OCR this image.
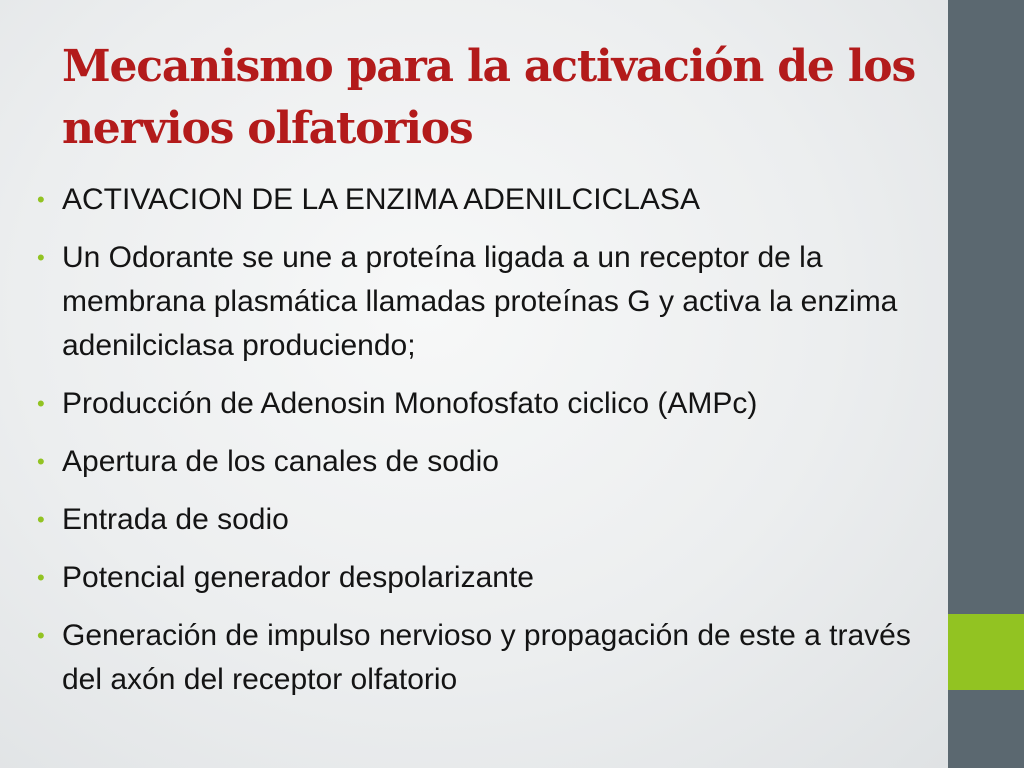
Mecanismo para la activación de los nervios olfatorios
• ACTIVACION DE LA ENZIMA ADENILCICLASA
• Un Odorante se une a proteína ligada a un receptor de la membrana plasmática llamadas proteínas G y activa la enzima adenilciclasa produciendo;
• Producción de Adenosin Monofosfato ciclico (AMPc)
• Apertura de los canales de sodio
• Entrada de sodio
• Potencial generador despolarizante
• Generación de impulso nervioso y propagación de este a través del axón del receptor olfatorio
